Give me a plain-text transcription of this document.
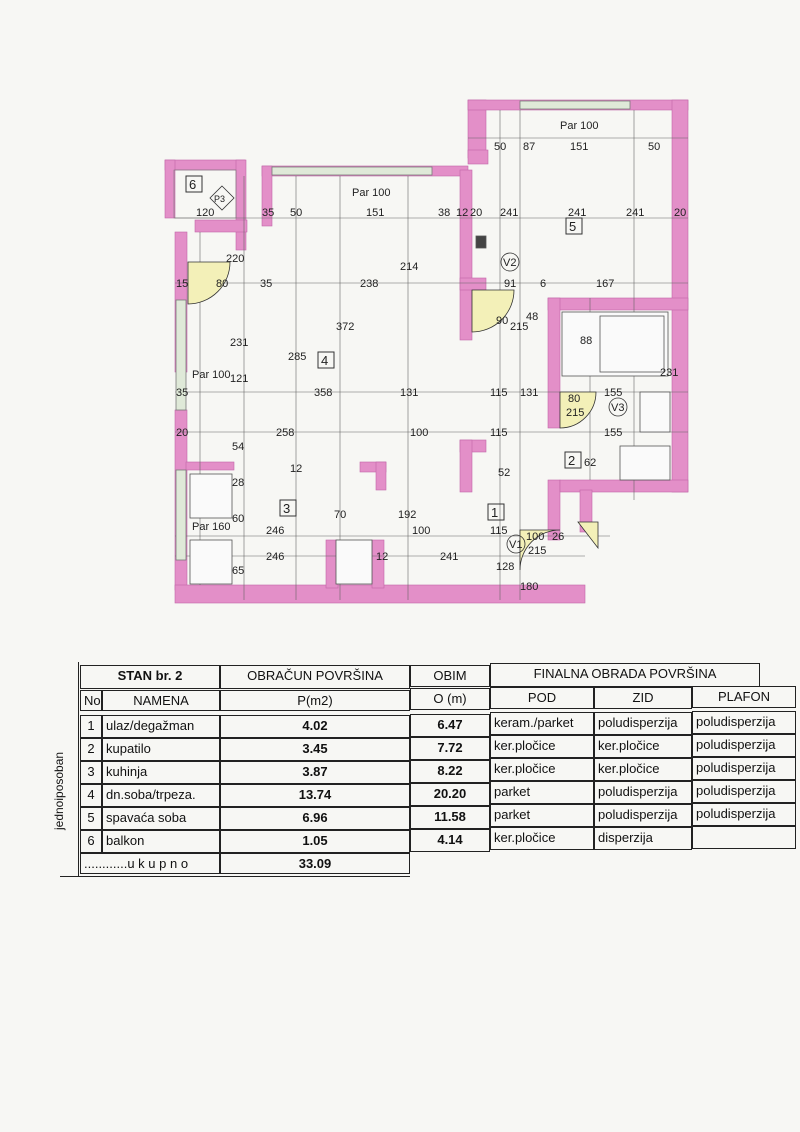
1
2
3
4
5
6
V1
V2
V3
P3
Par 100
50	151	50
87
Par 100
120	35 50	151	38 12 20 241	241	241
35	238
214
91 6	167
372
285
231
121
358	131	115 131	155
155
258	100	115
54
12
28
52
60
246
70	192
100	115 100 26
246
65
241
128
180
215
215
80
80
220
90 215
48
88
231
Par 100
Par 160
35
15
20
62
20
12
jednoiposoban
STAN br. 2	OBRAČUN POVRŠINA	OBIM	FINALNA OBRADA POVRŠINA
No	NAMENA	P(m2)	O (m)	POD	ZID	PLAFON
1 ulaz/degažman	4.02	6.47	keram./parket	poludisperzija	poludisperzija
2 kupatilo	3.45	7.72	ker.pločice	ker.pločice	poludisperzija
3 kuhinja	3.87	8.22	ker.pločice	ker.pločice	poludisperzija
4 dn.soba/trpeza.	13.74	20.20	parket	poludisperzija	poludisperzija
5 spavaća soba	6.96	11.58	parket	poludisperzija	poludisperzija
6 balkon	1.05	4.14	ker.pločice	disperzija
............u k u p n o	33.09
